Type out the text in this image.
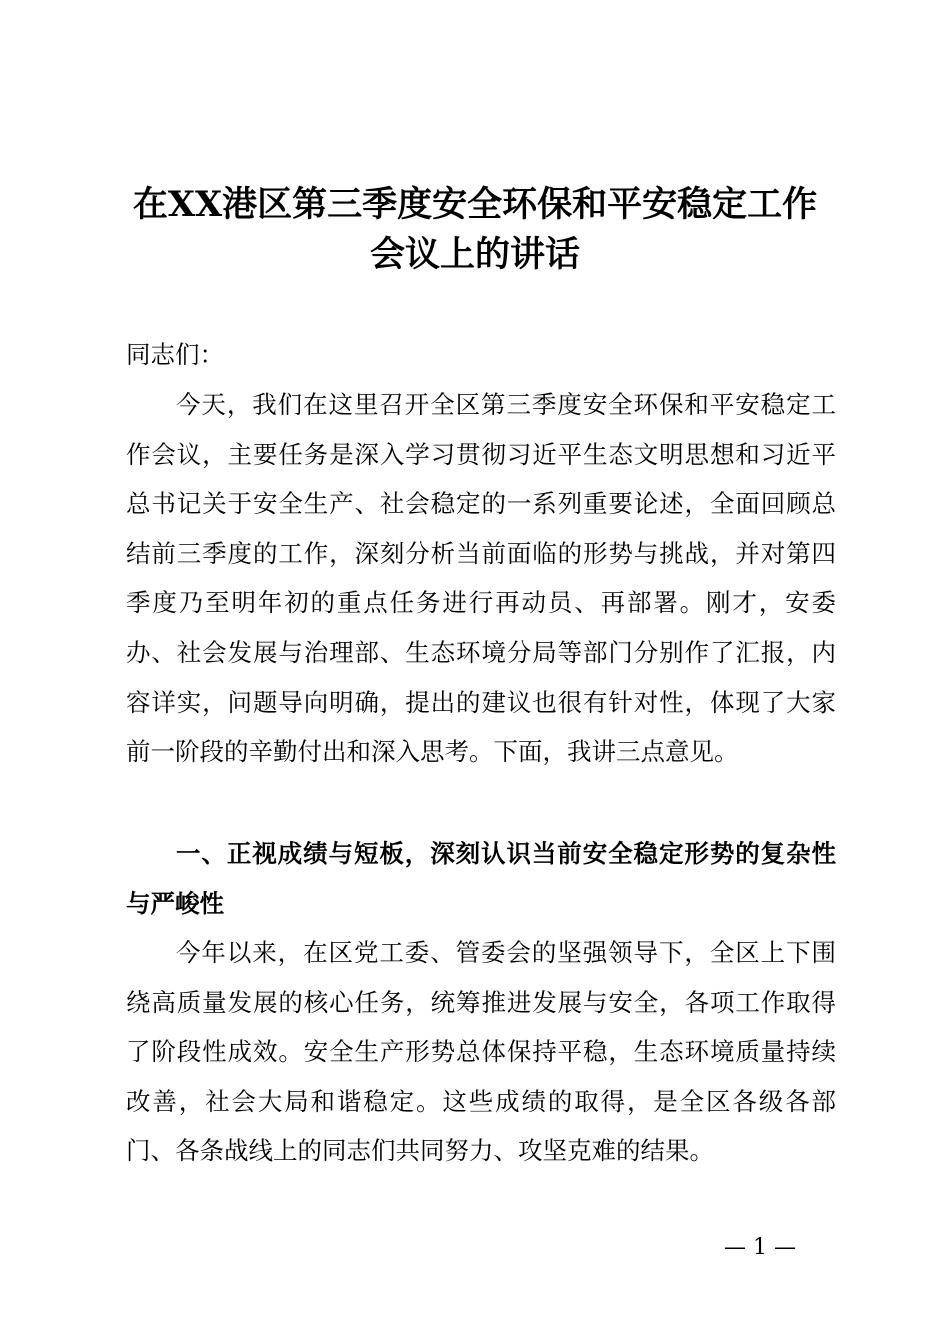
在XX港区第三季度安全环保和平安稳定工作
会议上的讲话

同志们：

今天，我们在这里召开全区第三季度安全环保和平安稳定工作会议，主要任务是深入学习贯彻习近平生态文明思想和习近平总书记关于安全生产、社会稳定的一系列重要论述，全面回顾总结前三季度的工作，深刻分析当前面临的形势与挑战，并对第四季度乃至明年初的重点任务进行再动员、再部署。刚才，安委办、社会发展与治理部、生态环境分局等部门分别作了汇报，内容详实，问题导向明确，提出的建议也很有针对性，体现了大家前一阶段的辛勤付出和深入思考。下面，我讲三点意见。

一、正视成绩与短板，深刻认识当前安全稳定形势的复杂性与严峻性

今年以来，在区党工委、管委会的坚强领导下，全区上下围绕高质量发展的核心任务，统筹推进发展与安全，各项工作取得了阶段性成效。安全生产形势总体保持平稳，生态环境质量持续改善，社会大局和谐稳定。这些成绩的取得，是全区各级各部门、各条战线上的同志们共同努力、攻坚克难的结果。

— 1 —
